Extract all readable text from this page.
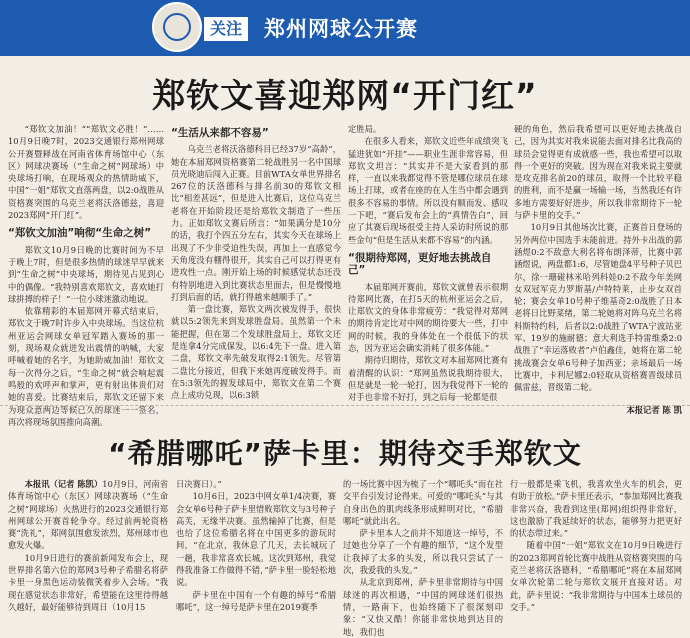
关注 郑州网球公开赛
郑钦文喜迎郑网“开门红”

“郑钦文加油！”“郑钦文必胜！”……10月9日晚7时，2023交通银行郑州网球公开赛暨释战在河南省体育场馆中心（东区）网球决赛场（“生命之树”网球场）中央球场打响，在现场观众的热情助威下，中国“一姐”郑钦文直落两盘，以2:0战胜从资格赛突围的乌克兰老将沃洛德兹，喜迎2023郑网“开门红”。

“郑钦文加油”响彻“生命之树”

郑钦文10月9日晚的比赛时间为不早于晚上7时，但是很多热情的球迷早早就来到“生命之树”中央球场，期待见占见到心中的偶像。“我特别喜欢郑钦文，喜欢她打球拼搏的样子！”一位小球迷激动地说。

依靠精彩的本届郑网开幕式结束后，郑钦文于晚7时许步入中央球场。当这位杭州亚运会网球女单冠军踏入赛场的那一刻，现场观众就进发出震情的呐喊，大家呼喊着她的名字，为她助威加油！郑钦文每一次得分之后，“生命之树”就会响起震鸣般的欢呼声和掌声，更有射出体贵们对她的喜爱。比赛结束后，郑钦文还留下来为现众意两边等候已久的球迷一一签名，再次将现场氛围推向高潮。

“生活从来都不容易”

乌克兰老将沃洛德科目已经37岁“高龄”，她在本届郑网资格赛第二轮战胜另一名中国球员光晓迪后闯入正赛。目前WTA女单世界排名267位的沃洛德科与排名前30的郑钦文相比“相差甚远”，但是进入比赛后，这位乌克兰老将在开始阶段还是给郑钦文制造了一些压力。正如郑钦文赛后所言：“如果满分是10分的话，我打个四五分左右，其实今天在球场上出现了不少非受迫性失误，再加上一直感觉今天角度没有棚得很开，其实自己可以打得更有进攻性一点。刚开始上场的时候感觉状态还没有特别地进入到比赛状态里面去，但是慢慢地打到后面的话，就打得越来越顺手了。”

第一盘比赛，郑钦文两次被发得手，很快就以5:2领先来到发球胜盘局。虽然第一个未能把握，但在第二个发球胜盘局上，郑钦文还是连拿4分完成保发，以6:4先下一盘。进入第二盘，郑钦文率先破发取得2:1领先。尽管第二盘比分接近，但我下来她再度破发得手。而在5:3领先的握发球局中，郑钦文在第二个赛点上成功兑现，以6:3锁

定胜局。

在很多人看来，郑钦文近些年成绩突飞猛进犹如“开挂”——职业生涯非常容易，但郑钦文坦言：“其实并不是大家看到的那样，一直以来我都觉得不管是哪位球员在球场上打球，或者在座的在人生当中都会遇到很多不容易的事情。所以没有顺而发、感叹一下吧，“赛后发布会上的“真情告白”，回应了其赛后现场很受主持人采访时所说的那些金句“但是生活从来都不容易”的内涵。

“很期待郑网，更好地去挑战自己”

本届郑网开赛前，郑钦文就曾表示很期待郑网比赛，在打5天的杭州亚运会之后，让郑钦文的身体非常疲劳：“我觉得对郑网的期待肯定比对中网的期待要大一些，打中网的时候，我的身体处在一个很低下的状态，因为亚运会确实消耗了很多体能。”

期待归期待，郑钦文对本届郑网比赛有着清醒的认识：“郑网虽然说我期待很大，但是就是一轮一轮打，因为我觉得下一轮的对手也非常不好打，到之后每一轮都是很

硬的角色，然后我希望可以更好地去挑战自己，因为其实对我来说能去面对排名比我高的球员会觉得更有成就感一些，我也希望可以取得一个更好的突破。因为现在对我来说主要就是攻克排名前20的球员，取得一个比较平稳的胜利，而不是赢一场输一场，当然我还有许多地方需要好好进步，所以我非常期待下一轮与萨卡里的交手。”

10月9日其他场次比赛，正赛首日登场的另外两位中国选手未能前进。持外卡出战的郭涵煜0:2不敌意大利名将布朗泽蒂，比赛中郭涵煜说，两盘都1:6，尽管她盘4平号种子贝巴尔，徐一珊碰林米哈列科娃0:2不敌今年美网女双冠军克力罗斯基/卢特特莱，止步女双首轮；赛会女单10号种子维基奇2:0战胜了日本老将日比野菜绪，第二轮她将对阵乌克兰名将科斯特约科，后者以2:0战胜了WTA宁波站亚军、19岁的施耐德；意大利选手特雷维桑2:0战胜了“幸运落败者”卢伯鑫佳，她将在第二轮挑战赛会女单6号种子加西亚；亲场最后一场比赛中，卡利尼娜2:0轻取从资格赛晋级球员佩雷兹，晋级第二轮。

本报记者 陈 凯

“希腊哪吒”萨卡里：期待交手郑钦文

本报讯（记者 陈凯）10月9日，河南省体育场馆中心（东区）网球决赛场（“生命之树”网球场）火热进行的2023交通银行郑州网球公开赛首轮争夺。经过前两轮资格赛“洗礼”，郑网氛围愈发浓烈，郑州球市也愈发火爆。

10月9日进行的赛前新闻发布会上，现世界排名第六位的郑网3号种子希腊名将萨卡里一身黑色运动装微笑着步入会场。“我现在感觉状态非常好，希望能在这里待得越久越好，最好能够待到周日（10月15

日决赛日）。”

10月6日，2023中网女单1/4决赛，赛会女单6号种子萨卡里惜败郑钦文与3号种子高芙，无缘半决赛。虽然输掉了比赛，但是也给了这位希腊名将在中国更多的游玩时间，“在北京，我休息了几天，去长城玩了一趟，我非常喜欢长城。这次到郑州，我觉得我准备工作做得不错，”萨卡里一脸轻松地说。

萨卡里在中国有一个有趣的绰号“希腊哪吒”，这一绰号是萨卡里在2019赛季

的一场比赛中因为梳了一个“哪吒头”而在社交平台引发讨论得来。可爱的“哪吒头”与其自身出色的肌肉线条形成鲜明对比，“希腊哪吒”就此出名。

萨卡里本人之前并不知道这一绰号，不过她也分享了一个有趣的细节，“这个发型让我掉了太多的头发，所以我只尝试了一次，我爱我的头发。”

从北京到郑州，萨卡里非常期待与中国球迷的再次相遇，“中国的网球迷们很热情，一路南下，也始终随下了很深刻印象：“又快又酷！你能非常快地到达目的地，我们也

行一般都是乘飞机，我喜欢坐火车的机会，更有助于放松。”萨卡里还表示，“参加郑网比赛我非常兴奋，我看到这里(郑网)组织得非常好，这也激励了我延续好的状态，能够努力把更好的状态带过来。”

随着中国“一姐”郑钦文在10月9日晚进行的2023郑网首轮比赛中战胜从资格赛突围的乌克兰老将沃洛德科，“希腊哪吒”将在本届郑网女单次轮第二轮与郑钦文展开直接对话。对此，萨卡里说：“我非常期待与中国本土球员的交手。”
